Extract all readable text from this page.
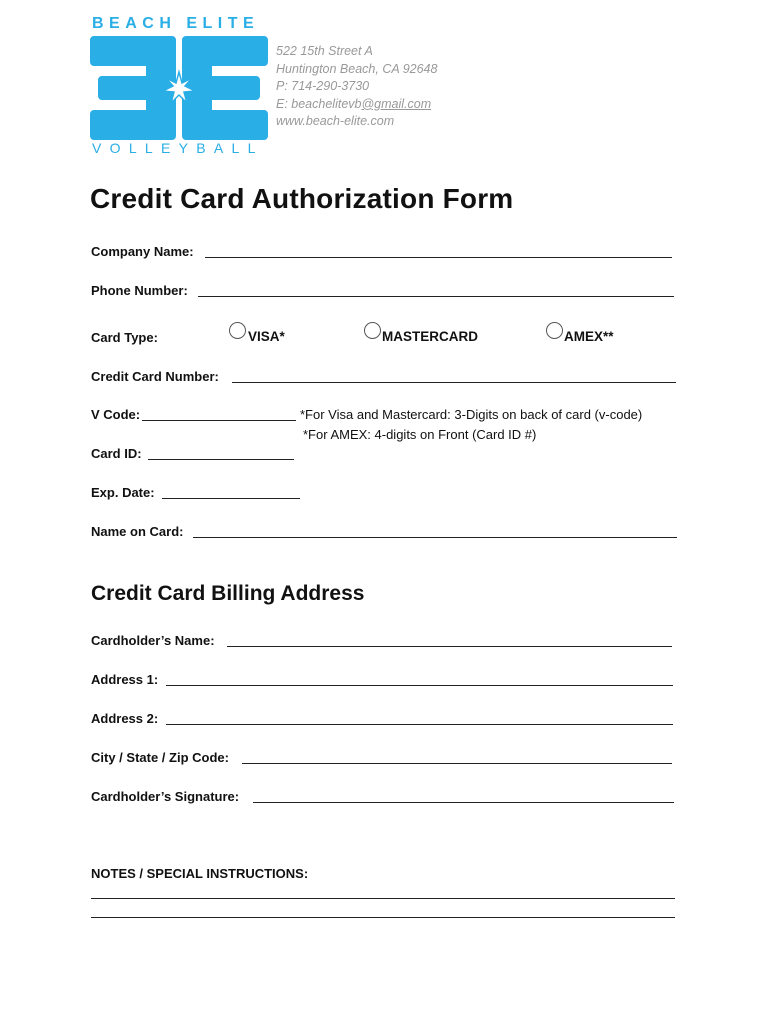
BEACH ELITE
VOLLEYBALL
522 15th Street A
Huntington Beach, CA 92648
P: 714-290-3730
E: beachelitevb@gmail.com
www.beach-elite.com
Credit Card Authorization Form
Company Name:
Phone Number:
Card Type:	VISA*	MASTERCARD	AMEX**
Credit Card Number:
V Code:	*For Visa and Mastercard: 3-Digits on back of card (v-code)
*For AMEX: 4-digits on Front (Card ID #)
Card ID:
Exp. Date:
Name on Card:
Credit Card Billing Address
Cardholder’s Name:
Address 1:
Address 2:
City / State / Zip Code:
Cardholder’s Signature:
NOTES / SPECIAL INSTRUCTIONS:
